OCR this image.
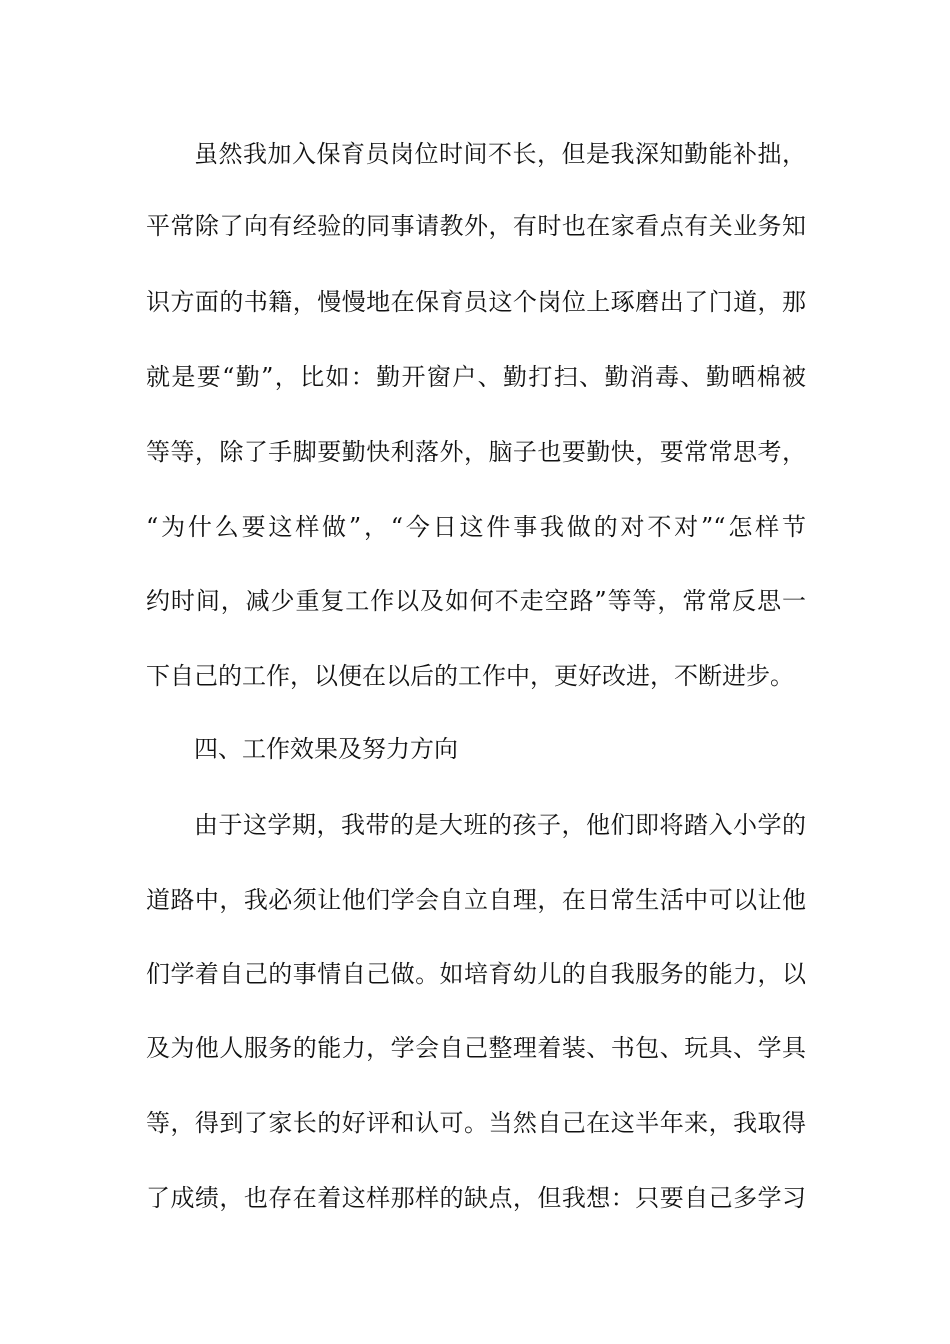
虽然我加入保育员岗位时间不长，但是我深知勤能补拙，
平常除了向有经验的同事请教外，有时也在家看点有关业务知
识方面的书籍，慢慢地在保育员这个岗位上琢磨出了门道，那
就是要“勤”，比如：勤开窗户、勤打扫、勤消毒、勤晒棉被
等等，除了手脚要勤快利落外，脑子也要勤快，要常常思考，
“为什么要这样做”，“今日这件事我做的对不对”“怎样节
约时间，减少重复工作以及如何不走空路”等等，常常反思一
下自己的工作，以便在以后的工作中，更好改进，不断进步。
四、工作效果及努力方向
由于这学期，我带的是大班的孩子，他们即将踏入小学的
道路中，我必须让他们学会自立自理，在日常生活中可以让他
们学着自己的事情自己做。如培育幼儿的自我服务的能力，以
及为他人服务的能力，学会自己整理着装、书包、玩具、学具
等，得到了家长的好评和认可。当然自己在这半年来，我取得
了成绩，也存在着这样那样的缺点，但我想：只要自己多学习
